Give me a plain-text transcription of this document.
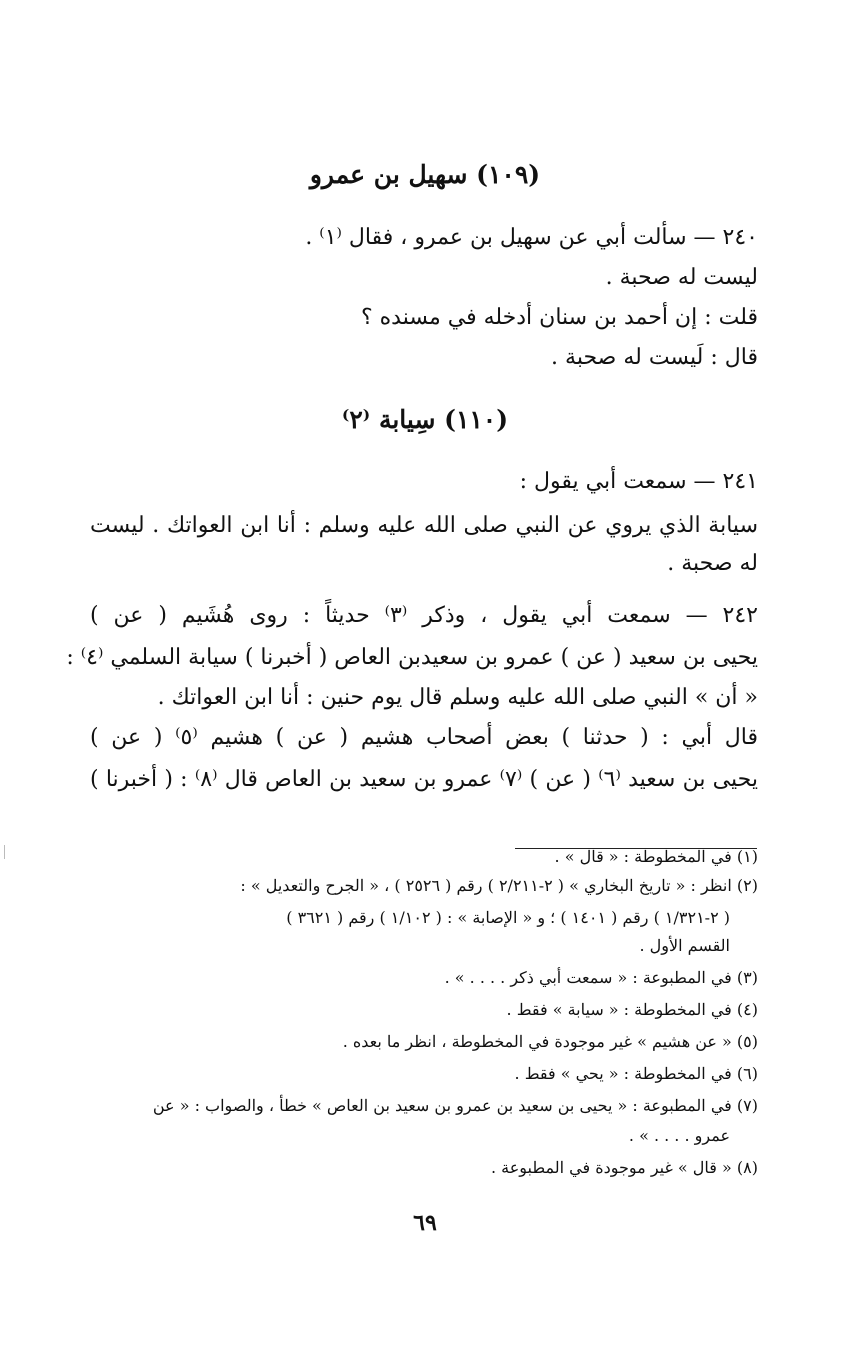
(١٠٩) سهيل بن عمرو
٢٤٠ — سألت أبي عن سهيل بن عمرو ، فقال ⁽١⁾ .
ليست له صحبة .
قلت : إن أحمد بن سنان أدخله في مسنده ؟
قال : لَيست له صحبة .
(١١٠) سِيابة ⁽٢⁾
٢٤١ — سمعت أبي يقول :
سيابة الذي يروي عن النبي صلى الله عليه وسلم : أنا ابن العواتك . ليست
له صحبة .
٢٤٢ — سمعت أبي يقول ، وذكر ⁽٣⁾ حديثاً : روى هُشَيم ( عن )
يحيى بن سعيد ( عن ) عمرو بن سعيدبن العاص ( أخبرنا ) سيابة السلمي ⁽٤⁾ :
« أن » النبي صلى الله عليه وسلم قال يوم حنين : أنا ابن العواتك .
قال أبي : ( حدثنا ) بعض أصحاب هشيم ( عن ) هشيم ⁽٥⁾ ( عن )
يحيى بن سعيد ⁽٦⁾ ( عن ) ⁽٧⁾ عمرو بن سعيد بن العاص قال ⁽٨⁾ : ( أخبرنا )
(١) في المخطوطة : « قال » .
(٢) انظر : « تاريخ البخاري » ( ٢-٢/٢١١ ) رقم ( ٢٥٢٦ ) ، « الجرح والتعديل » :
( ٢-١/٣٢١ ) رقم ( ١٤٠١ ) ؛ و « الإصابة » : ( ١/١٠٢ ) رقم ( ٣٦٢١ )
القسم الأول .
(٣) في المطبوعة : « سمعت أبي ذكر . . . . » .
(٤) في المخطوطة : « سيابة » فقط .
(٥) « عن هشيم » غير موجودة في المخطوطة ، انظر ما بعده .
(٦) في المخطوطة : « يحي » فقط .
(٧) في المطبوعة : « يحيى بن سعيد بن عمرو بن سعيد بن العاص » خطأ ، والصواب : « عن
عمرو . . . . » .
(٨) « قال » غير موجودة في المطبوعة .
٦٩
